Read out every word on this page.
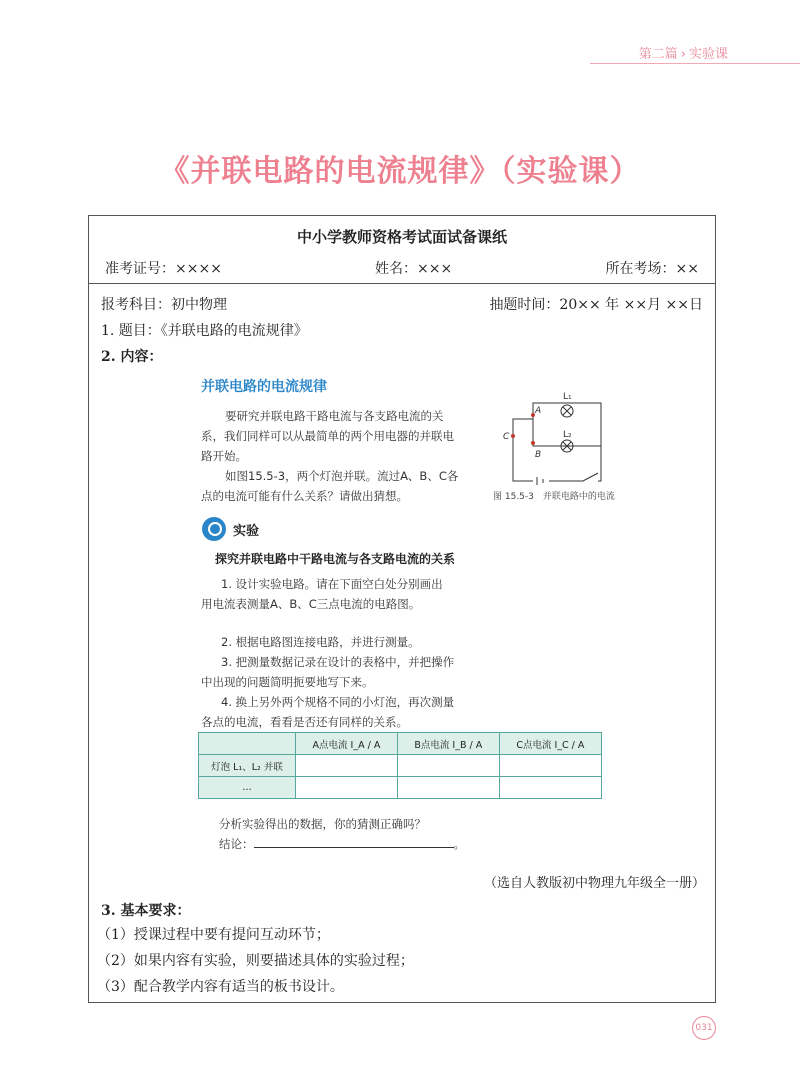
第二篇 › 实验课
《并联电路的电流规律》（实验课）
中小学教师资格考试面试备课纸
准考证号：××××	姓名：×××	所在考场：××
报考科目：初中物理	抽题时间：20×× 年 ××月 ××日
1. 题目：《并联电路的电流规律》
2. 内容：
并联电路的电流规律
要研究并联电路干路电流与各支路电流的关
系，我们同样可以从最简单的两个用电器的并联电
路开始。
如图15.5-3，两个灯泡并联。流过A、B、C各
点的电流可能有什么关系？请做出猜想。
A
B
C
L₁
L₂
图 15.5-3　并联电路中的电流
实验
探究并联电路中干路电流与各支路电流的关系
1. 设计实验电路。请在下面空白处分别画出
用电流表测量A、B、C三点电流的电路图。
2. 根据电路图连接电路，并进行测量。
3. 把测量数据记录在设计的表格中，并把操作
中出现的问题简明扼要地写下来。
4. 换上另外两个规格不同的小灯泡，再次测量
各点的电流，看看是否还有同样的关系。
	A点电流 I_A / A	B点电流 I_B / A	C点电流 I_C / A
灯泡 L₁、L₂ 并联			
…			
分析实验得出的数据，你的猜测正确吗？
结论：	。
（选自人教版初中物理九年级全一册）
3. 基本要求：
（1）授课过程中要有提问互动环节；
（2）如果内容有实验，则要描述具体的实验过程；
（3）配合教学内容有适当的板书设计。
031
